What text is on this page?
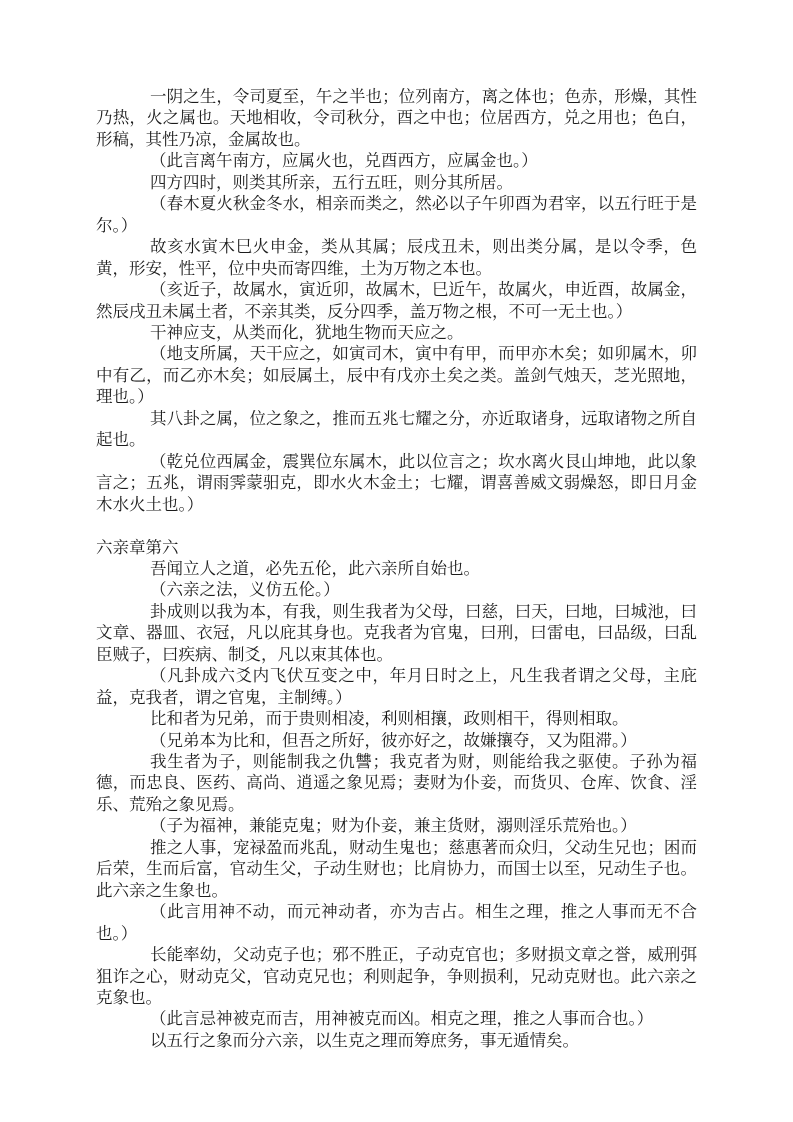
一阴之生，令司夏至，午之半也；位列南方，离之体也；色赤，形燥，其性乃热，火之属也。天地相收，令司秋分，酉之中也；位居西方，兑之用也；色白，形稿，其性乃凉，金属故也。

（此言离午南方，应属火也，兑酉西方，应属金也。）

四方四时，则类其所亲，五行五旺，则分其所居。

（春木夏火秋金冬水，相亲而类之，然必以子午卯酉为君宰，以五行旺于是尔。）

故亥水寅木巳火申金，类从其属；辰戌丑未，则出类分属，是以令季，色黄，形安，性平，位中央而寄四维，土为万物之本也。

（亥近子，故属水，寅近卯，故属木，巳近午，故属火，申近酉，故属金，然辰戌丑未属土者，不亲其类，反分四季，盖万物之根，不可一无土也。）

干神应支，从类而化，犹地生物而天应之。

（地支所属，天干应之，如寅司木，寅中有甲，而甲亦木矣；如卯属木，卯中有乙，而乙亦木矣；如辰属土，辰中有戊亦土矣之类。盖剑气烛天，芝光照地，理也。）

其八卦之属，位之象之，推而五兆七耀之分，亦近取诸身，远取诸物之所自起也。

（乾兑位西属金，震巽位东属木，此以位言之；坎水离火艮山坤地，此以象言之；五兆，谓雨霁蒙驲克，即水火木金土；七耀，谓喜善威文弱燥怒，即日月金木水火土也。）

六亲章第六

吾闻立人之道，必先五伦，此六亲所自始也。

（六亲之法，义仿五伦。）

卦成则以我为本，有我，则生我者为父母，曰慈，曰天，曰地，曰城池，曰文章、器皿、衣冠，凡以庇其身也。克我者为官鬼，曰刑，曰雷电，曰品级，曰乱臣贼子，曰疾病、制爻，凡以束其体也。

（凡卦成六爻内飞伏互变之中，年月日时之上，凡生我者谓之父母，主庇益，克我者，谓之官鬼，主制缚。）

比和者为兄弟，而于贵则相凌，利则相攘，政则相干，得则相取。

（兄弟本为比和，但吾之所好，彼亦好之，故嫌攘夺，又为阻滞。）

我生者为子，则能制我之仇讐；我克者为财，则能给我之驱使。子孙为福德，而忠良、医药、高尚、逍遥之象见焉；妻财为仆妾，而货贝、仓库、饮食、淫乐、荒殆之象见焉。

（子为福神，兼能克鬼；财为仆妾，兼主货财，溺则淫乐荒殆也。）

推之人事，宠禄盈而兆乱，财动生鬼也；慈惠著而众归，父动生兄也；困而后荣，生而后富，官动生父，子动生财也；比肩协力，而国士以至，兄动生子也。此六亲之生象也。

（此言用神不动，而元神动者，亦为吉占。相生之理，推之人事而无不合也。）

长能率幼，父动克子也；邪不胜正，子动克官也；多财损文章之誉，威刑弭狙诈之心，财动克父，官动克兄也；利则起争，争则损利，兄动克财也。此六亲之克象也。

（此言忌神被克而吉，用神被克而凶。相克之理，推之人事而合也。）

以五行之象而分六亲，以生克之理而筹庶务，事无遁情矣。
